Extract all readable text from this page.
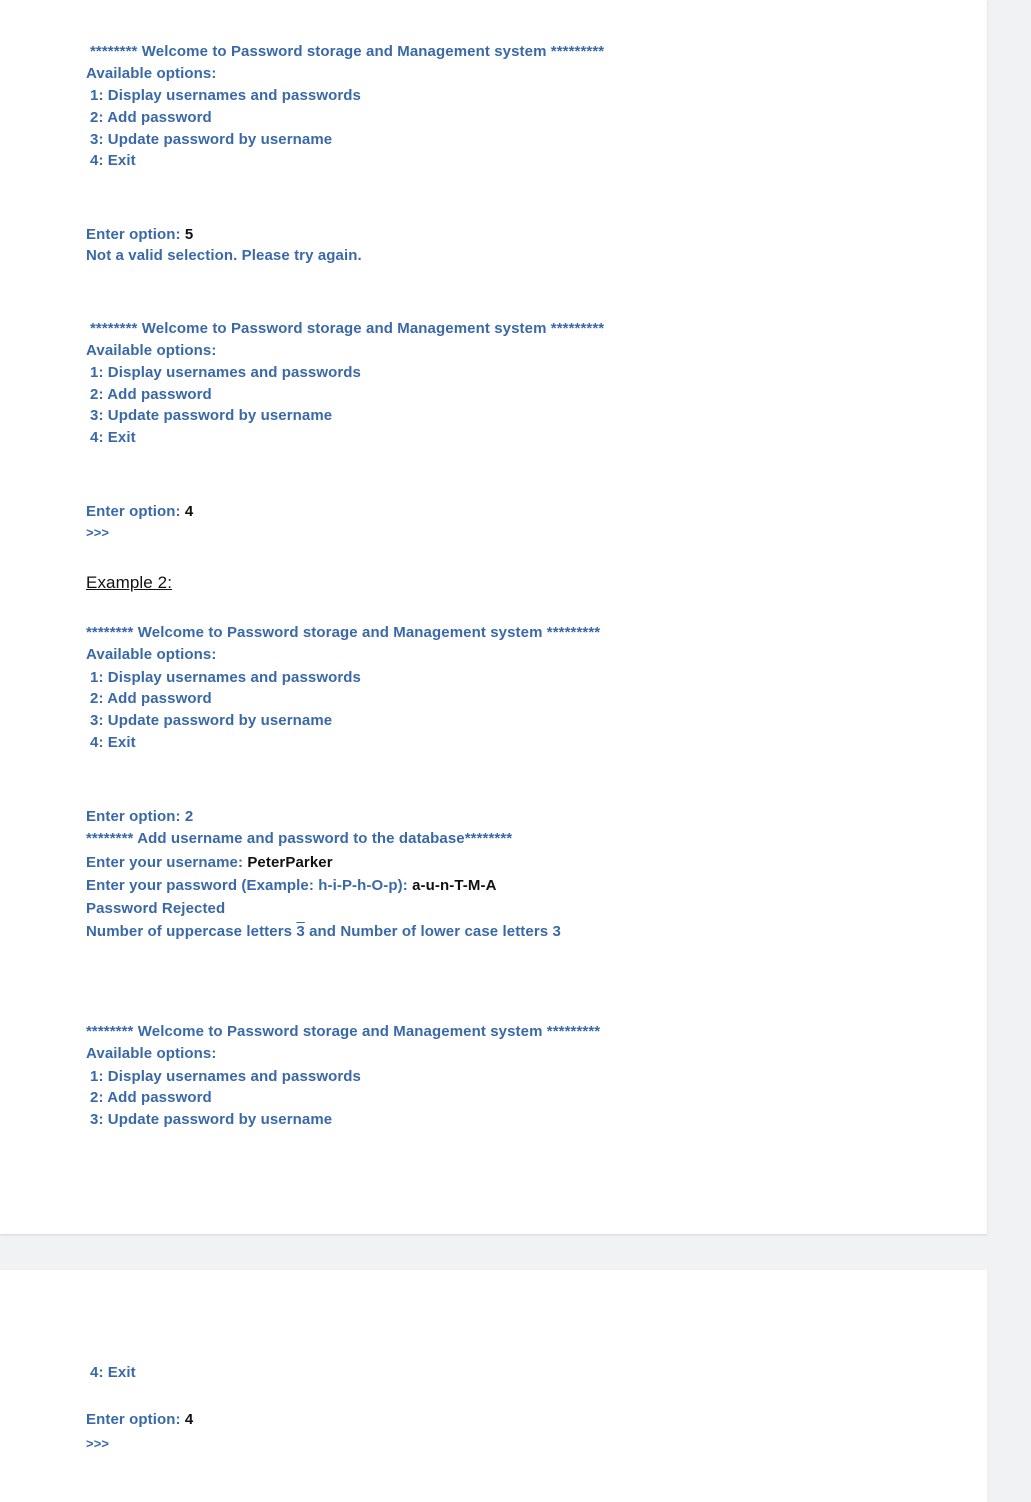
******** Welcome to Password storage and Management system *********
Available options:
1: Display usernames and passwords
2: Add password
3: Update password by username
4: Exit
Enter option: 5
Not a valid selection. Please try again.
******** Welcome to Password storage and Management system *********
Available options:
1: Display usernames and passwords
2: Add password
3: Update password by username
4: Exit
Enter option: 4
>>>
Example 2:
******** Welcome to Password storage and Management system *********
Available options:
1: Display usernames and passwords
2: Add password
3: Update password by username
4: Exit
Enter option: 2
******** Add username and password to the database********
Enter your username: PeterParker
Enter your password (Example: h-i-P-h-O-p): a-u-n-T-M-A
Password Rejected
Number of uppercase letters 3 and Number of lower case letters 3
******** Welcome to Password storage and Management system *********
Available options:
1: Display usernames and passwords
2: Add password
3: Update password by username
4: Exit
Enter option: 4
>>>
